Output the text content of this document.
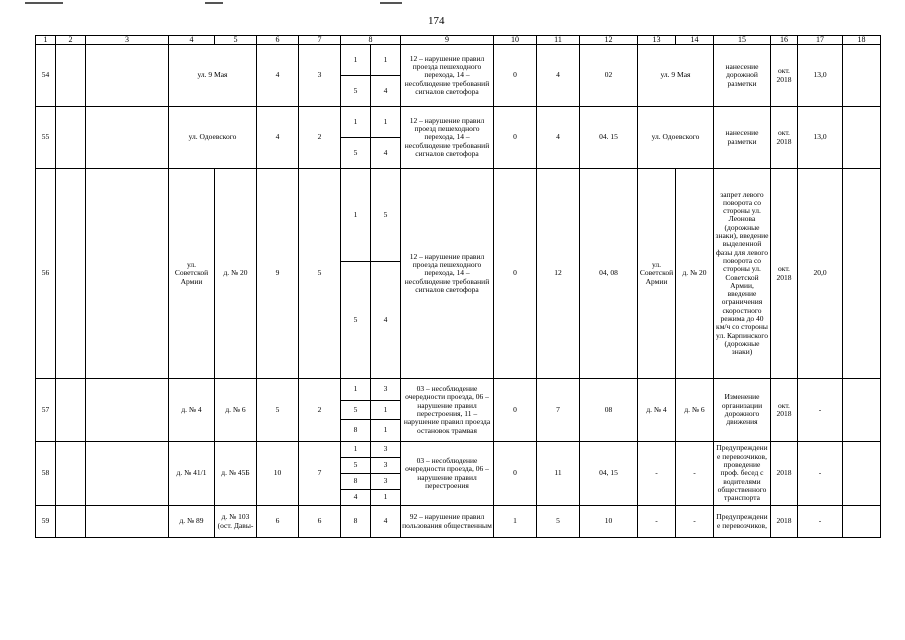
174
1	2	3	4	5	6	7	8		9	10	11	12	13	14	15	16	17	18
54			ул. 9 Мая		4	3	1	1	12 – нарушение правил проезда пешеходного перехода, 14 – несоблюдение требований сигналов светофора	0	4	02	ул. 9 Мая		нанесение дорожной разметки	окт. 2018	13,0	
							5	4										
55			ул. Одоевского		4	2	1	1	12 – нарушение правил проезд пешеходного перехода, 14 – несоблюдение требований сигналов светофора	0	4	04. 15	ул. Одоевского		нанесение разметки	окт. 2018	13,0	
							5	4										
56			ул. Советской Армии	д. № 20	9	5	1	5	12 – нарушение правил проезда пешеходного перехода, 14 – несоблюдение требований сигналов светофора	0	12	04, 08	ул. Советской Армии	д. № 20	запрет левого поворота со стороны ул. Леонова (дорожные знаки), введение выделенной фазы для левого поворота со стороны ул. Советской Армии, введение ограничения скоростного режима до 40 км/ч со стороны ул. Карпинского (дорожные знаки)	окт. 2018	20,0	
							5	4										
57			д. № 4	д. № 6	5	2	1	3	03 – несоблюдение очередности проезда, 06 – нарушение правил перестроения, 11 – нарушение правил проезда остановок трамвая	0	7	08	д. № 4	д. № 6	Изменение организации дорожного движения	окт. 2018	-	
							5	1										
							8	1										
58			д. № 41/1	д. № 45Б	10	7	1	3	03 – несоблюдение очередности проезда, 06 – нарушение правил перестроения	0	11	04, 15	-	-	Предупреждение перевозчиков, проведение проф. бесед с водителями общественного транспорта	2018	-	
							5	3										
							8	3										
							4	1										
59			д. № 89	д. № 103 (ост. Давы-	6	6	8	4	92 – нарушение правил пользования общественным	1	5	10	-	-	Предупреждение перевозчиков,	2018	-	
